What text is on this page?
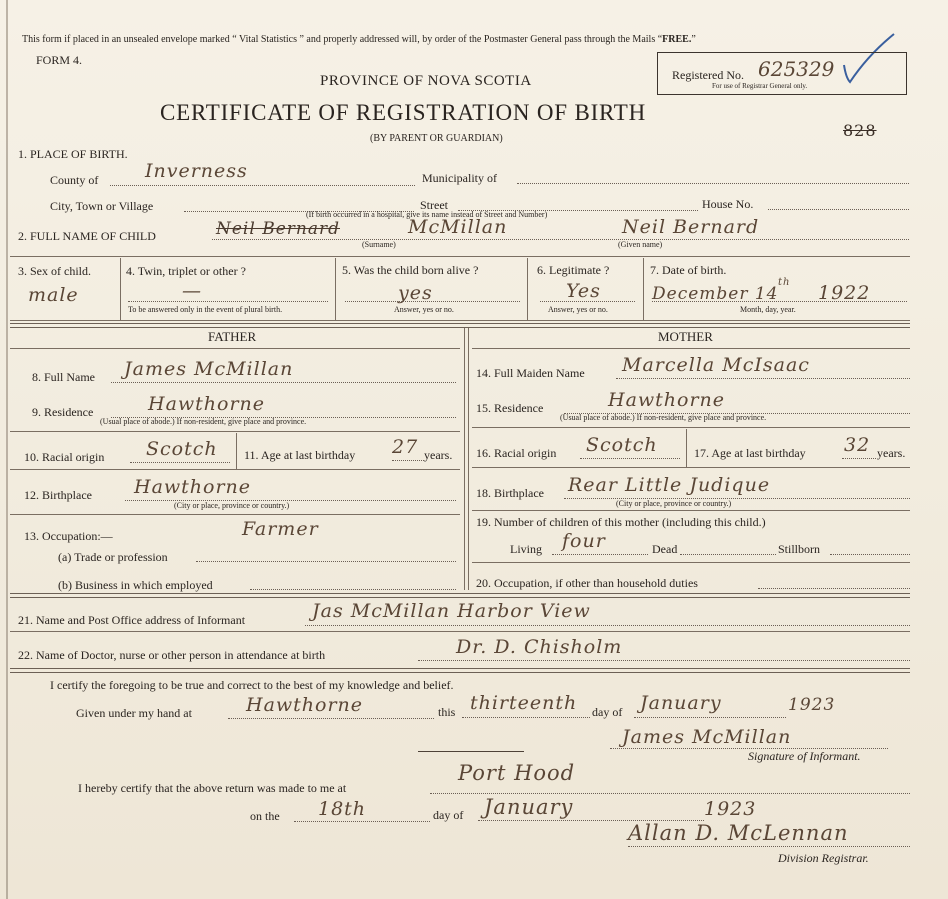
This form if placed in an unsealed envelope marked “ Vital Statistics ” and properly addressed will, by order of the Postmaster General pass through the Mails “FREE.”
FORM 4.
PROVINCE OF NOVA SCOTIA	Registered No. 625329
For use of Registrar General only.
CERTIFICATE OF REGISTRATION OF BIRTH
(BY PARENT OR GUARDIAN)	828
1. PLACE OF BIRTH.
County of Inverness	Municipality of
City, Town or Village	Street	House No.
(If birth occurred in a hospital, give its name instead of Street and Number)
2. FULL NAME OF CHILD	Neil Bernard	McMillan	Neil Bernard
(Surname)	(Given name)
3. Sex of child.
male
4. Twin, triplet or other ?
—
To be answered only in the event of plural birth.
5. Was the child born alive ?
yes
Answer, yes or no.
6. Legitimate ?
Yes
Answer, yes or no.
7. Date of birth.
December 14
th 1922
Month, day, year.
FATHER	MOTHER
8. Full Name James McMillan
9. Residence	Hawthorne
(Usual place of abode.) If non-resident, give place and province.
10. Racial origin Scotch 11. Age at last birthday 27 years.
12. Birthplace Hawthorne
(City or place, province or country.)
13. Occupation:—	Farmer
(a) Trade or profession
(b) Business in which employed
14. Full Maiden Name Marcella McIsaac
15. Residence	Hawthorne
(Usual place of abode.) If non-resident, give place and province.
16. Racial origin Scotch	17. Age at last birthday 32 years.
18. Birthplace Rear Little Judique
(City or place, province or country.)
19. Number of children of this mother (including this child.)
Living four	Dead	Stillborn
20. Occupation, if other than household duties
21. Name and Post Office address of Informant	Jas McMillan Harbor View
22. Name of Doctor, nurse or other person in attendance at birth	Dr. D. Chisholm
I certify the foregoing to be true and correct to the best of my knowledge and belief.
Given under my hand at	Hawthorne	this thirteenth day of January	1923
James McMillan
Signature of Informant.
I hereby certify that the above return was made to me at
Port Hood
on the 18th	day of January	1923
Allan D. McLennan
Division Registrar.
